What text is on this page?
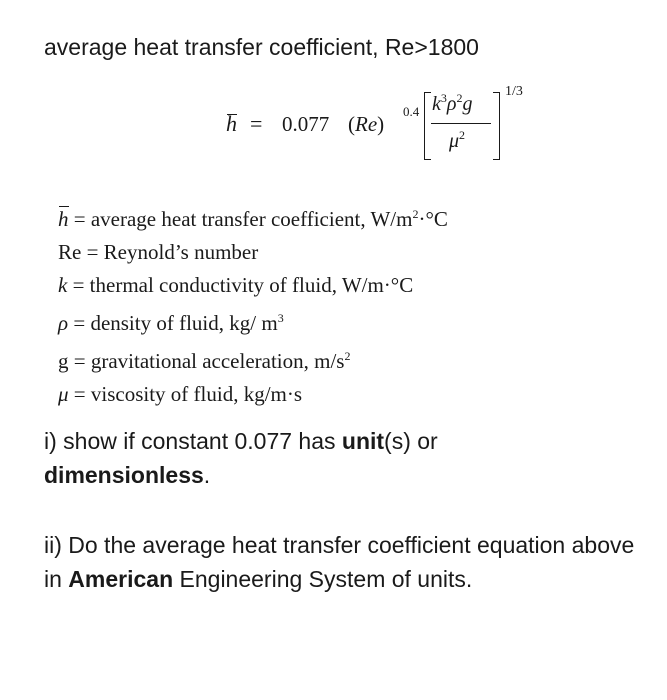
average heat transfer coefficient, Re>1800
h = 0.077 (Re)
0.4 $k^3\rho^2g$
$\mu^2$
1/3
h = average heat transfer coefficient, $W/m^2\cdot^\circ C$
Re = Reynold’s number
k = thermal conductivity of fluid, W/m·°C
ρ = density of fluid, kg/ $m^3$
g = gravitational acceleration, $m/s^2$
μ = viscosity of fluid, kg/m·s

i) show if constant 0.077 has unit(s) or
dimensionless.

ii) Do the average heat transfer coefficient equation above in American Engineering System of units.
